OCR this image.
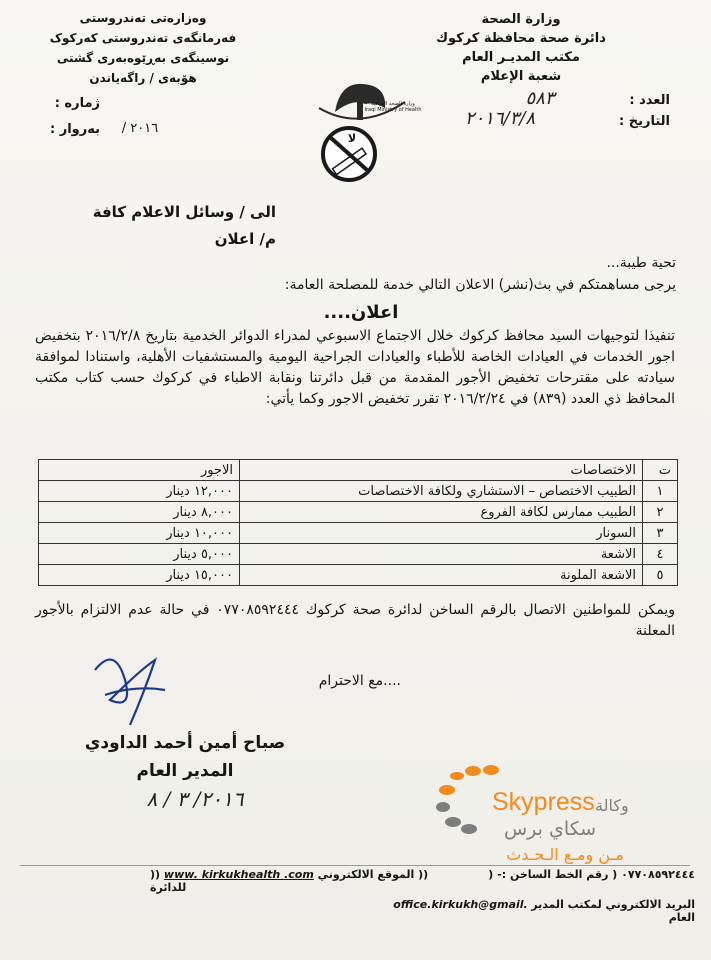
وزارة الصحة
دائرة صحة محافظة كركوك
مكتب المديـر العام
شعبة الإعلام
وه‌زاره‌تی ته‌ندروستی
فه‌رمانگه‌ی ته‌ندروستی که‌رکوک
نوسینگه‌ی به‌ڕێوه‌به‌ری گشتی
هۆبه‌ی / راگه‌یاندن
العدد :
٥٨٣
التاريخ :
٢٠١٦/٣/٨
ژماره :
به‌روار :	/ ٢٠١٦
وزارة الصحة العراقية
Iraqi Ministry of Health
لا
الى / وسائل الاعلام كافة
م/ اعلان
تحية طيبة...
يرجى مساهمتكم في بث(نشر) الاعلان التالي خدمة للمصلحة العامة:
اعلان....
تنفيذا لتوجيهات السيد محافظ كركوك خلال الاجتماع الاسبوعي لمدراء الدوائر الخدمية بتاريخ ٢٠١٦/٢/٨ بتخفيض اجور الخدمات في العيادات الخاصة للأطباء والعيادات الجراحية اليومية والمستشفيات الأهلية، واستنادا لموافقة سيادته على مقترحات تخفيض الأجور المقدمة من قبل دائرتنا ونقابة الاطباء في كركوك حسب كتاب مكتب المحافظ ذي العدد (٨٣٩) في ٢٠١٦/٢/٢٤ تقرر تخفيض الاجور وكما يأتي:
ت	الاختصاصات	الاجور
١	الطبيب الاختصاص – الاستشاري ولكافة الاختصاصات	١٢,٠٠٠ دينار
٢	الطبيب ممارس لكافة الفروع	٨,٠٠٠ دينار
٣	السونار	١٠,٠٠٠ دينار
٤	الاشعة	٥,٠٠٠ دينار
٥	الاشعة الملونة	١٥,٠٠٠ دينار
ويمكن للمواطنين الاتصال بالرقم الساخن لدائرة صحة كركوك ٠٧٧٠٨٥٩٢٤٤٤ في حالة عدم الالتزام بالأجور المعلنة
....مع الاحترام
صباح أمين أحمد الداودي
المدير العام
٢٠١٦/ ٣ / ٨	Skypress وكالة
سكاي برس
مـن ومـع الـحـدث
)) www. kirkukhealth .com (( الموقع الالكتروني للدائرة
)	٠٧٧٠٨٥٩٢٤٤٤ ( رقم الخط الساخن :-
office.kirkukh@gmail. البريد الالكتروني لمكتب المدير العام
